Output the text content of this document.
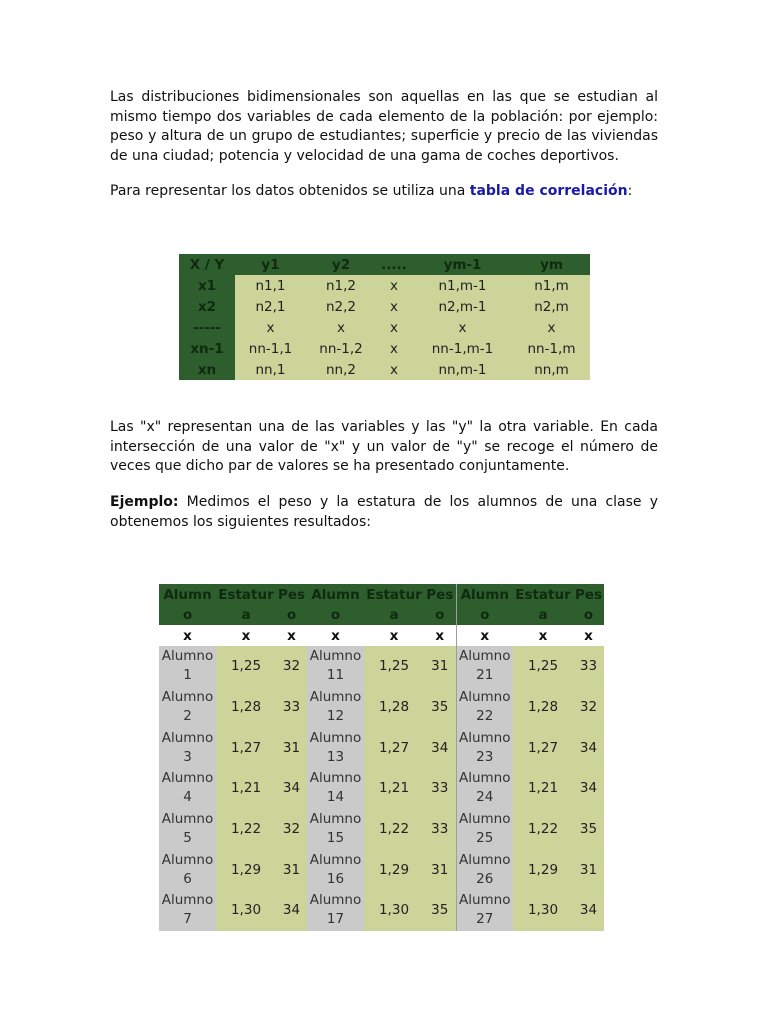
Las distribuciones bidimensionales son aquellas en las que se estudian al mismo tiempo dos variables de cada elemento de la población: por ejemplo: peso y altura de un grupo de estudiantes; superficie y precio de las viviendas de una ciudad; potencia y velocidad de una gama de coches deportivos.

Para representar los datos obtenidos se utiliza una tabla de correlación:

X / Y	y1	y2	.....	ym-1	ym
x1	n1,1	n1,2	x	n1,m-1	n1,m
x2	n2,1	n2,2	x	n2,m-1	n2,m
-----	x	x	x	x	x
xn-1	nn-1,1	nn-1,2	x	nn-1,m-1	nn-1,m
xn	nn,1	nn,2	x	nn,m-1	nn,m

Las "x" representan una de las variables y las "y" la otra variable. En cada intersección de una valor de "x" y un valor de "y" se recoge el número de veces que dicho par de valores se ha presentado conjuntamente.

Ejemplo: Medimos el peso y la estatura de los alumnos de una clase y obtenemos los siguientes resultados:

Alumno	Estatura	Peso	Alumno	Estatura	Peso	Alumno	Estatura	Peso
x	x	x	x	x	x	x	x	x
Alumno 1	1,25	32	Alumno 11	1,25	31	Alumno 21	1,25	33
Alumno 2	1,28	33	Alumno 12	1,28	35	Alumno 22	1,28	32
Alumno 3	1,27	31	Alumno 13	1,27	34	Alumno 23	1,27	34
Alumno 4	1,21	34	Alumno 14	1,21	33	Alumno 24	1,21	34
Alumno 5	1,22	32	Alumno 15	1,22	33	Alumno 25	1,22	35
Alumno 6	1,29	31	Alumno 16	1,29	31	Alumno 26	1,29	31
Alumno 7	1,30	34	Alumno 17	1,30	35	Alumno 27	1,30	34
